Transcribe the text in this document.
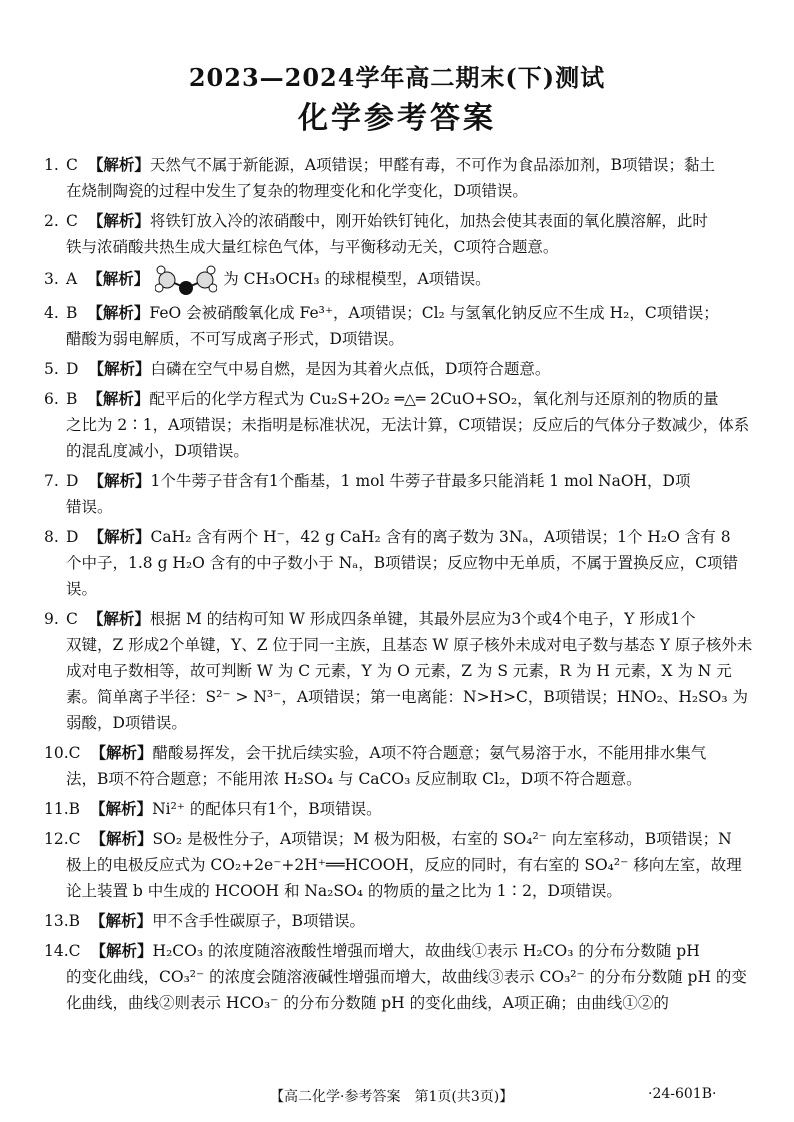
2023—2024学年高二期末(下)测试
化学参考答案
1. C 【解析】天然气不属于新能源，A项错误；甲醛有毒，不可作为食品添加剂，B项错误；黏土
在烧制陶瓷的过程中发生了复杂的物理变化和化学变化，D项错误。
2. C 【解析】将铁钉放入冷的浓硝酸中，刚开始铁钉钝化，加热会使其表面的氧化膜溶解，此时
铁与浓硝酸共热生成大量红棕色气体，与平衡移动无关，C项符合题意。
3. A 【解析】	为 CH₃OCH₃ 的球棍模型，A项错误。
4. B 【解析】FeO 会被硝酸氧化成 Fe³⁺，A项错误；Cl₂ 与氢氧化钠反应不生成 H₂，C项错误；
醋酸为弱电解质，不可写成离子形式，D项错误。
5. D 【解析】白磷在空气中易自燃，是因为其着火点低，D项符合题意。
6. B 【解析】配平后的化学方程式为 Cu₂S+2O₂ ═△═ 2CuO+SO₂，氧化剂与还原剂的物质的量
之比为 2∶1，A项错误；未指明是标准状况，无法计算，C项错误；反应后的气体分子数减少，体系的混乱度减小，D项错误。
7. D 【解析】1个牛蒡子苷含有1个酯基，1 mol 牛蒡子苷最多只能消耗 1 mol NaOH，D项
错误。
8. D 【解析】CaH₂ 含有两个 H⁻，42 g CaH₂ 含有的离子数为 3Nₐ，A项错误；1个 H₂O 含有 8
个中子，1.8 g H₂O 含有的中子数小于 Nₐ，B项错误；反应物中无单质，不属于置换反应，C项错误。
9. C 【解析】根据 M 的结构可知 W 形成四条单键，其最外层应为3个或4个电子，Y 形成1个
双键，Z 形成2个单键，Y、Z 位于同一主族，且基态 W 原子核外未成对电子数与基态 Y 原子核外未成对电子数相等，故可判断 W 为 C 元素，Y 为 O 元素，Z 为 S 元素，R 为 H 元素，X 为 N 元素。简单离子半径：S²⁻ > N³⁻，A项错误；第一电离能：N>H>C，B项错误；HNO₂、H₂SO₃ 为弱酸，D项错误。
10.C 【解析】醋酸易挥发，会干扰后续实验，A项不符合题意；氨气易溶于水，不能用排水集气
法，B项不符合题意；不能用浓 H₂SO₄ 与 CaCO₃ 反应制取 Cl₂，D项不符合题意。
11.B 【解析】Ni²⁺ 的配体只有1个，B项错误。
12.C 【解析】SO₂ 是极性分子，A项错误；M 极为阳极，右室的 SO₄²⁻ 向左室移动，B项错误；N
极上的电极反应式为 CO₂+2e⁻+2H⁺══HCOOH，反应的同时，有右室的 SO₄²⁻ 移向左室，故理论上装置 b 中生成的 HCOOH 和 Na₂SO₄ 的物质的量之比为 1∶2，D项错误。
13.B 【解析】甲不含手性碳原子，B项错误。
14.C 【解析】H₂CO₃ 的浓度随溶液酸性增强而增大，故曲线①表示 H₂CO₃ 的分布分数随 pH
的变化曲线，CO₃²⁻ 的浓度会随溶液碱性增强而增大，故曲线③表示 CO₃²⁻ 的分布分数随 pH 的变化曲线，曲线②则表示 HCO₃⁻ 的分布分数随 pH 的变化曲线，A项正确；由曲线①②的
【高二化学·参考答案　第1页(共3页)】	·24-601B·
